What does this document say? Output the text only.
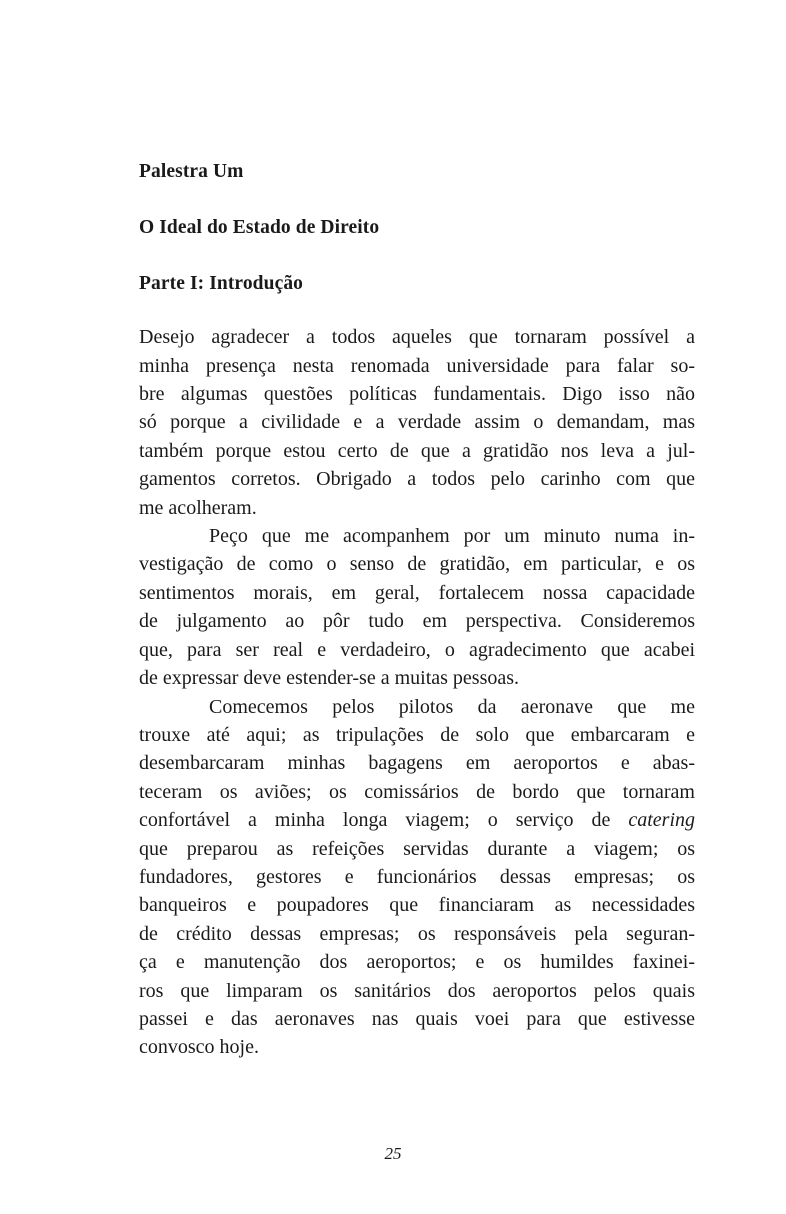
Palestra Um

O Ideal do Estado de Direito

Parte I: Introdução

Desejo agradecer a todos aqueles que tornaram possível a
minha presença nesta renomada universidade para falar so-
bre algumas questões políticas fundamentais. Digo isso não
só porque a civilidade e a verdade assim o demandam, mas
também porque estou certo de que a gratidão nos leva a jul-
gamentos corretos. Obrigado a todos pelo carinho com que
me acolheram.

Peço que me acompanhem por um minuto numa in-
vestigação de como o senso de gratidão, em particular, e os
sentimentos morais, em geral, fortalecem nossa capacidade
de julgamento ao pôr tudo em perspectiva. Consideremos
que, para ser real e verdadeiro, o agradecimento que acabei
de expressar deve estender-se a muitas pessoas.

Comecemos pelos pilotos da aeronave que me
trouxe até aqui; as tripulações de solo que embarcaram e
desembarcaram minhas bagagens em aeroportos e abas-
teceram os aviões; os comissários de bordo que tornaram
confortável a minha longa viagem; o serviço de catering
que preparou as refeições servidas durante a viagem; os
fundadores, gestores e funcionários dessas empresas; os
banqueiros e poupadores que financiaram as necessidades
de crédito dessas empresas; os responsáveis pela seguran-
ça e manutenção dos aeroportos; e os humildes faxinei-
ros que limparam os sanitários dos aeroportos pelos quais
passei e das aeronaves nas quais voei para que estivesse
convosco hoje.

25
